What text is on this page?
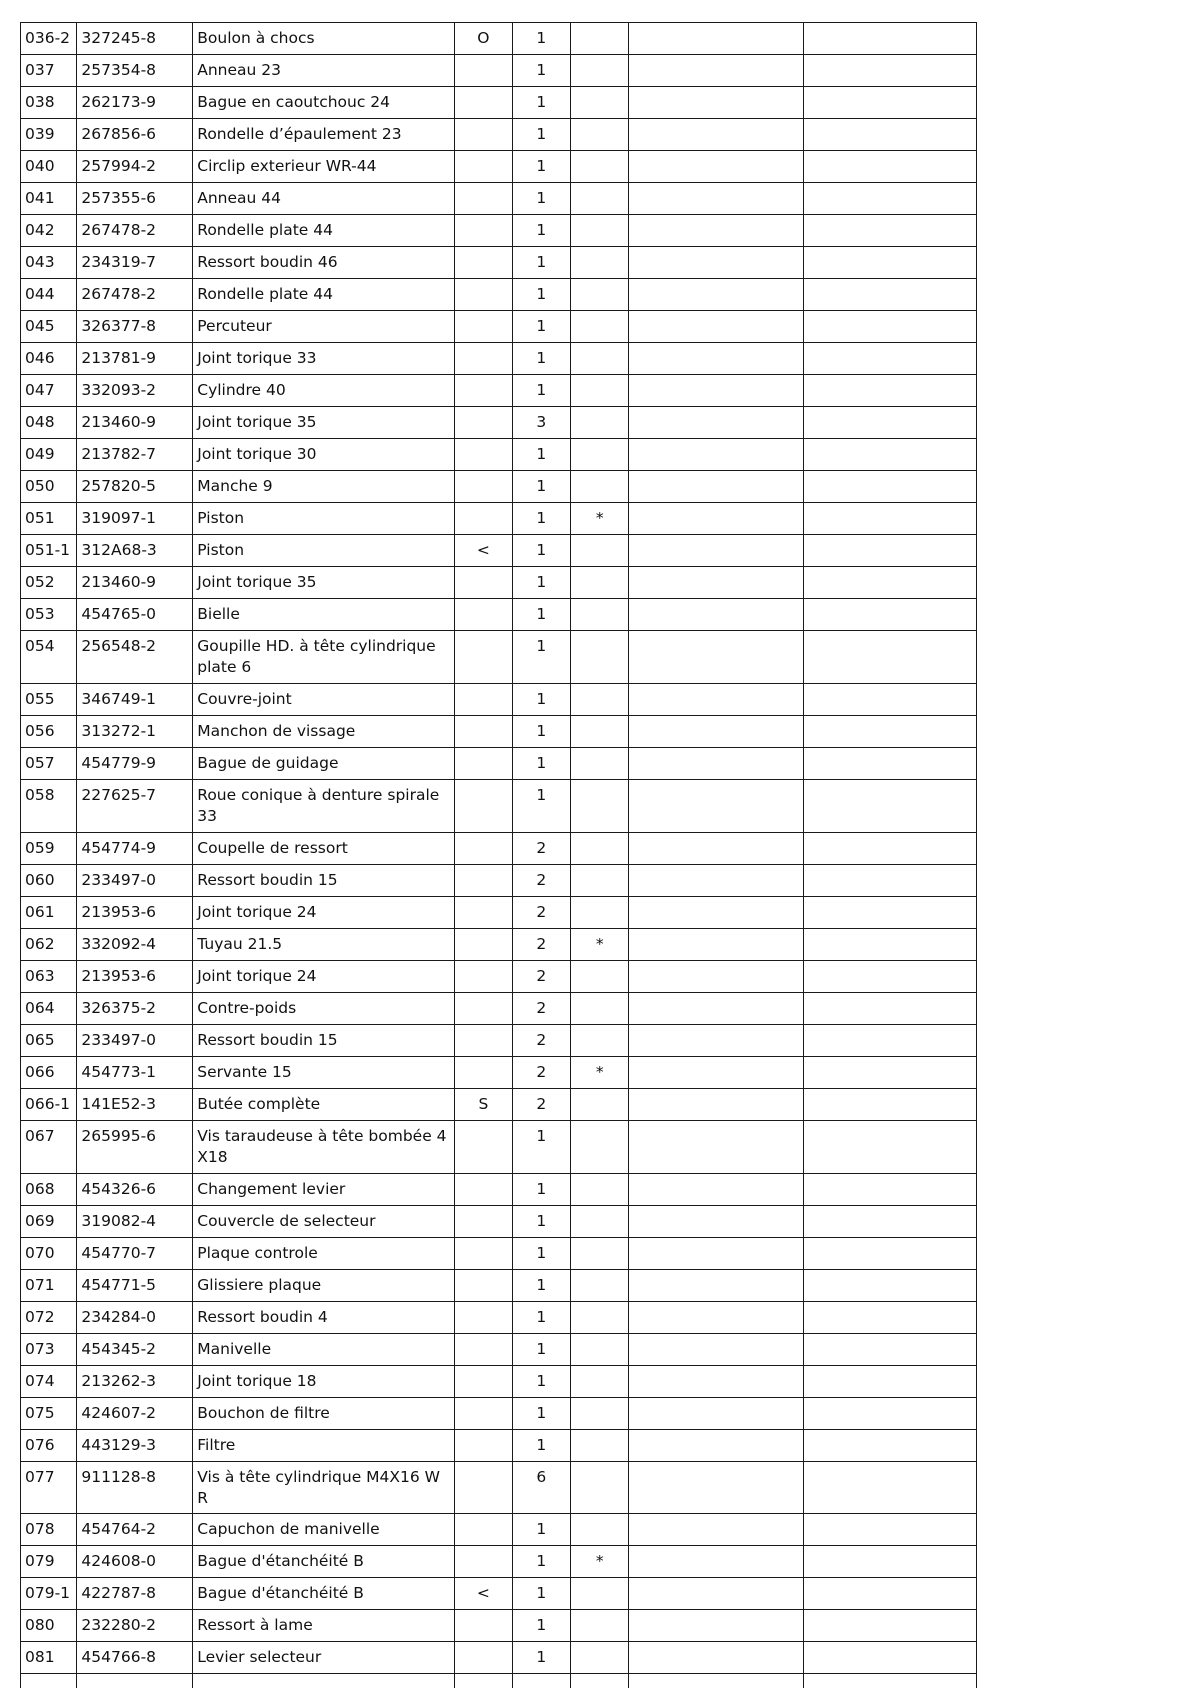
036-2	327245-8	Boulon à chocs	O	1			
037	257354-8	Anneau 23		1			
038	262173-9	Bague en caoutchouc 24		1			
039	267856-6	Rondelle d’épaulement 23		1			
040	257994-2	Circlip exterieur WR-44		1			
041	257355-6	Anneau 44		1			
042	267478-2	Rondelle plate 44		1			
043	234319-7	Ressort boudin 46		1			
044	267478-2	Rondelle plate 44		1			
045	326377-8	Percuteur		1			
046	213781-9	Joint torique 33		1			
047	332093-2	Cylindre 40		1			
048	213460-9	Joint torique 35		3			
049	213782-7	Joint torique 30		1			
050	257820-5	Manche 9		1			
051	319097-1	Piston		1	*		
051-1	312A68-3	Piston	<	1			
052	213460-9	Joint torique 35		1			
053	454765-0	Bielle		1			
054	256548-2	Goupille HD. à tête cylindrique plate 6		1			
055	346749-1	Couvre-joint		1			
056	313272-1	Manchon de vissage		1			
057	454779-9	Bague de guidage		1			
058	227625-7	Roue conique à denture spirale 33		1			
059	454774-9	Coupelle de ressort		2			
060	233497-0	Ressort boudin 15		2			
061	213953-6	Joint torique 24		2			
062	332092-4	Tuyau 21.5		2	*		
063	213953-6	Joint torique 24		2			
064	326375-2	Contre-poids		2			
065	233497-0	Ressort boudin 15		2			
066	454773-1	Servante 15		2	*		
066-1	141E52-3	Butée complète	S	2			
067	265995-6	Vis taraudeuse à tête bombée 4X18		1			
068	454326-6	Changement levier		1			
069	319082-4	Couvercle de selecteur		1			
070	454770-7	Plaque controle		1			
071	454771-5	Glissiere plaque		1			
072	234284-0	Ressort boudin 4		1			
073	454345-2	Manivelle		1			
074	213262-3	Joint torique 18		1			
075	424607-2	Bouchon de filtre		1			
076	443129-3	Filtre		1			
077	911128-8	Vis à tête cylindrique M4X16 WR		6			
078	454764-2	Capuchon de manivelle		1			
079	424608-0	Bague d'étanchéité B		1	*		
079-1	422787-8	Bague d'étanchéité B	<	1			
080	232280-2	Ressort à lame		1			
081	454766-8	Levier selecteur		1			
